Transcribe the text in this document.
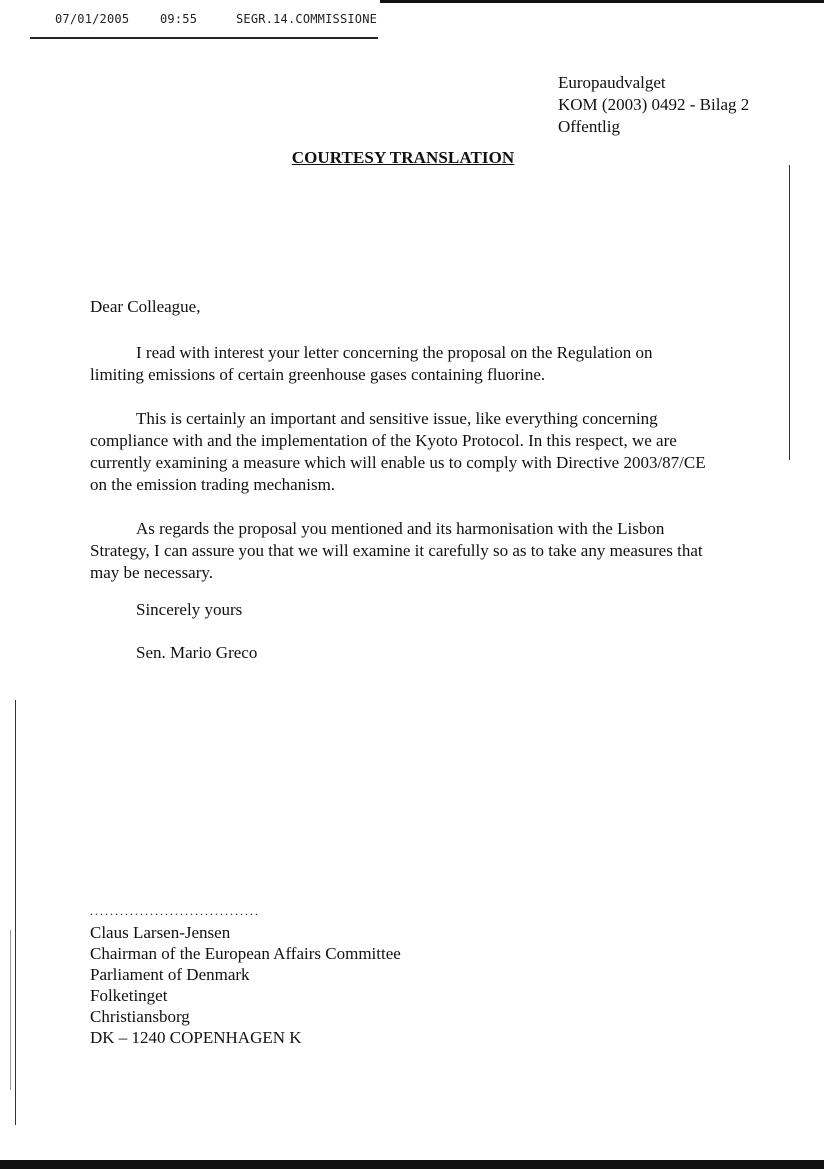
07/01/2005	09:55	SEGR.14.COMMISSIONE
Europaudvalget
KOM (2003) 0492 - Bilag 2
Offentlig
COURTESY TRANSLATION

Dear Colleague,

I read with interest your letter concerning the proposal on the Regulation on limiting emissions of certain greenhouse gases containing fluorine.

This is certainly an important and sensitive issue, like everything concerning compliance with and the implementation of the Kyoto Protocol. In this respect, we are currently examining a measure which will enable us to comply with Directive 2003/87/CE on the emission trading mechanism.

As regards the proposal you mentioned and its harmonisation with the Lisbon Strategy, I can assure you that we will examine it carefully so as to take any measures that may be necessary.

Sincerely yours
Sen. Mario Greco
..................................
Claus Larsen-Jensen
Chairman of the European Affairs Committee
Parliament of Denmark
Folketinget
Christiansborg
DK – 1240 COPENHAGEN K
